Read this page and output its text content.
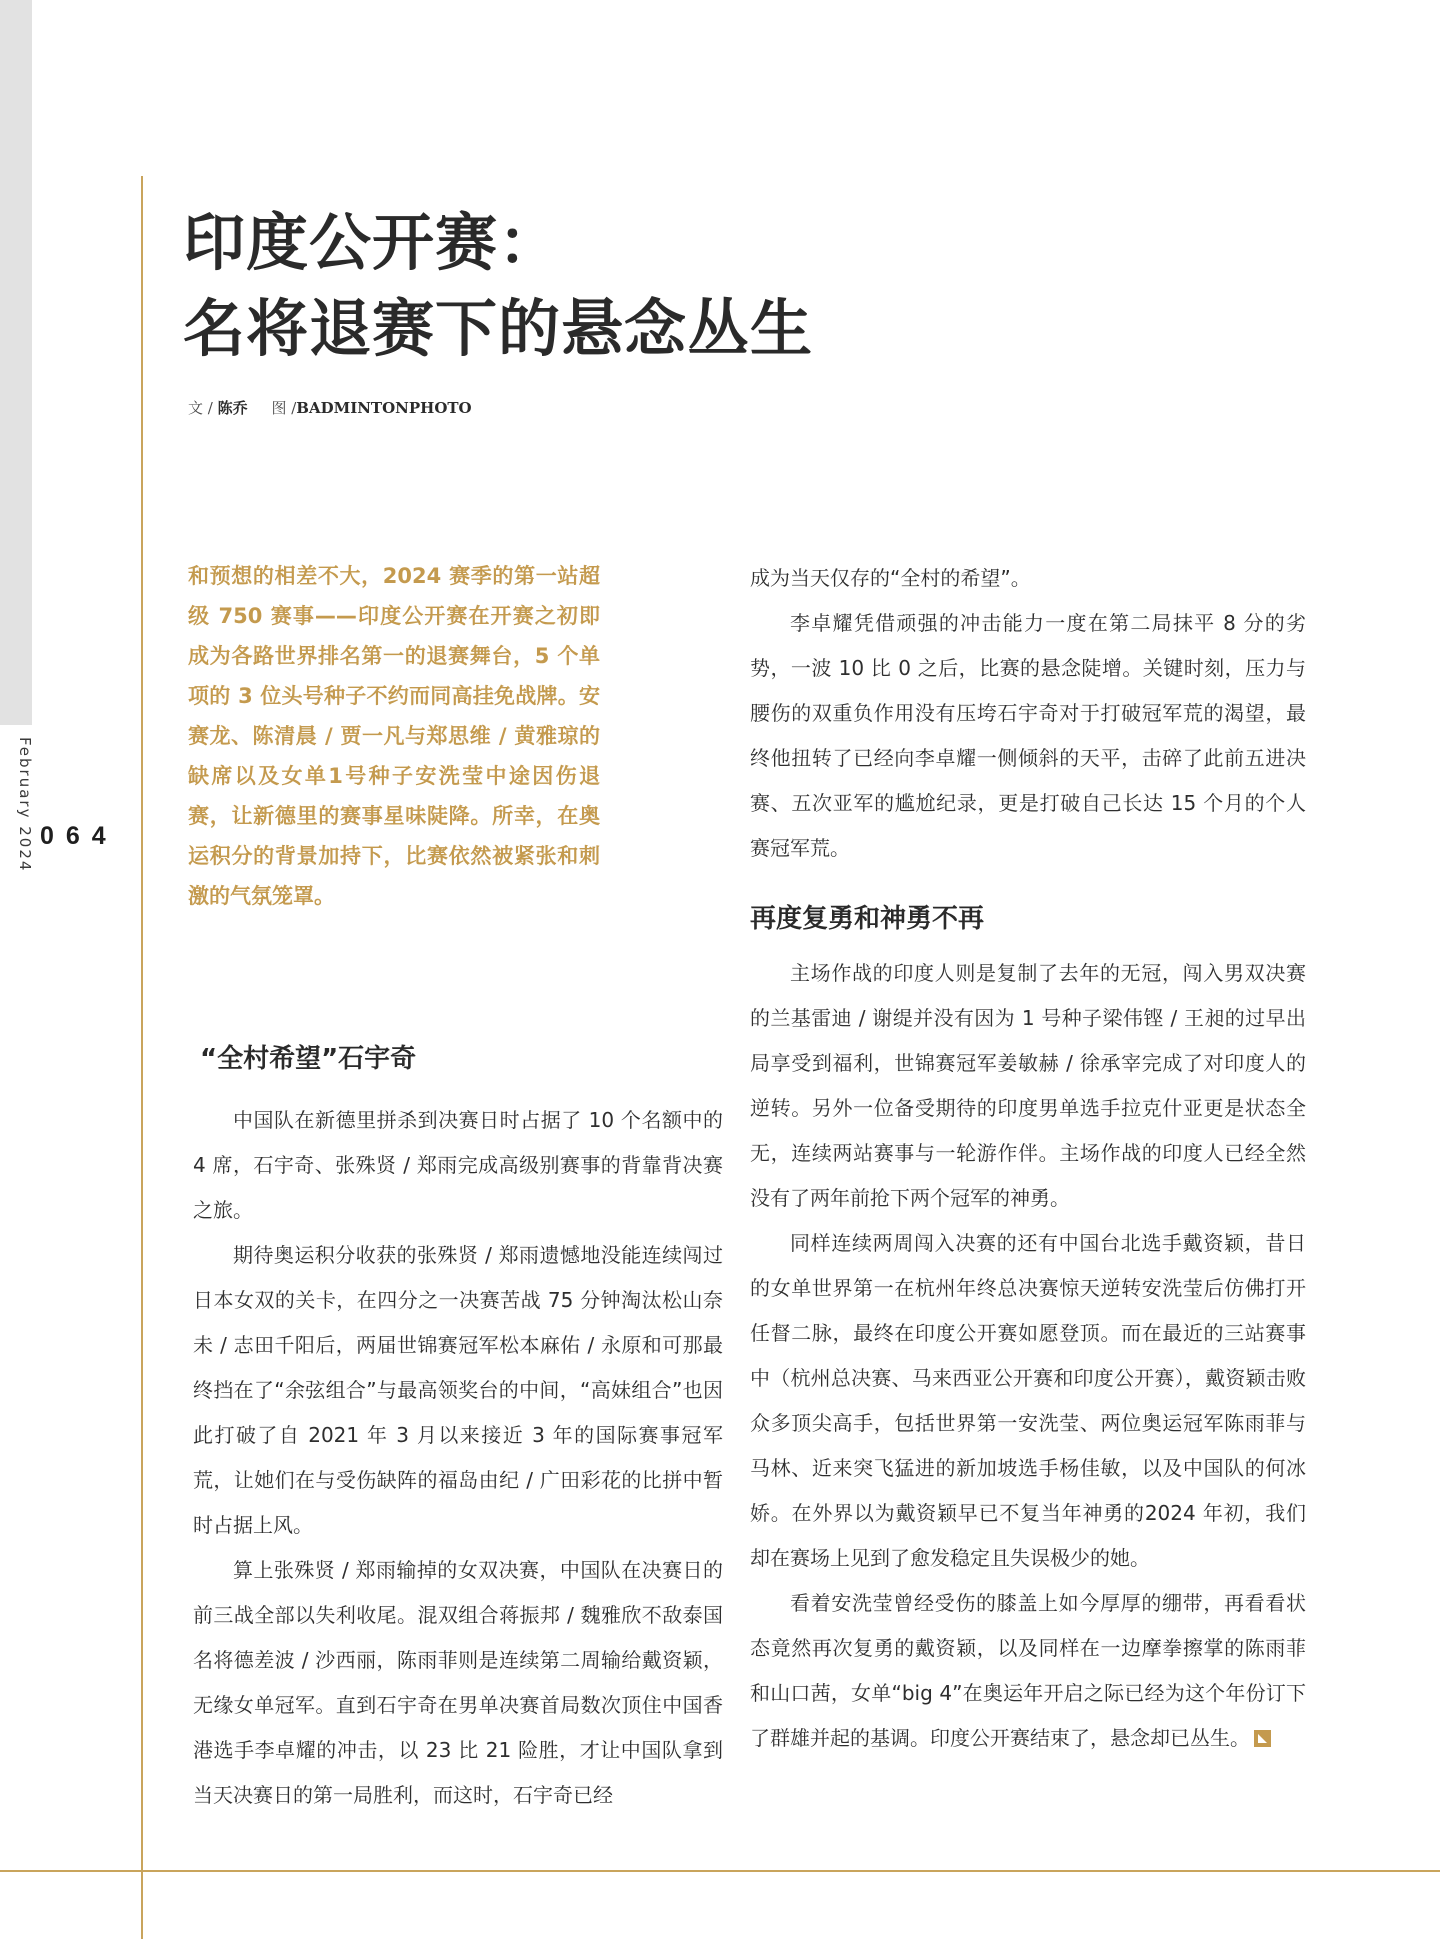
February 2024 064
印度公开赛：
名将退赛下的悬念丛生
文 / 陈乔 图 /BADMINTONPHOTO

和预想的相差不大，2024 赛季的第一站超级 750 赛事——印度公开赛在开赛之初即成为各路世界排名第一的退赛舞台，5 个单项的 3 位头号种子不约而同高挂免战牌。安赛龙、陈清晨 / 贾一凡与郑思维 / 黄雅琼的缺席以及女单1号种子安洗莹中途因伤退赛，让新德里的赛事星味陡降。所幸，在奥运积分的背景加持下，比赛依然被紧张和刺激的气氛笼罩。

“全村希望”石宇奇

中国队在新德里拼杀到决赛日时占据了 10 个名额中的 4 席，石宇奇、张殊贤 / 郑雨完成高级别赛事的背靠背决赛之旅。

期待奥运积分收获的张殊贤 / 郑雨遗憾地没能连续闯过日本女双的关卡，在四分之一决赛苦战 75 分钟淘汰松山奈未 / 志田千阳后，两届世锦赛冠军松本麻佑 / 永原和可那最终挡在了“余弦组合”与最高领奖台的中间，“高妹组合”也因此打破了自 2021 年 3 月以来接近 3 年的国际赛事冠军荒，让她们在与受伤缺阵的福岛由纪 / 广田彩花的比拼中暂时占据上风。

算上张殊贤 / 郑雨输掉的女双决赛，中国队在决赛日的前三战全部以失利收尾。混双组合蒋振邦 / 魏雅欣不敌泰国名将德差波 / 沙西丽，陈雨菲则是连续第二周输给戴资颖，无缘女单冠军。直到石宇奇在男单决赛首局数次顶住中国香港选手李卓耀的冲击，以 23 比 21 险胜，才让中国队拿到当天决赛日的第一局胜利，而这时，石宇奇已经

成为当天仅存的“全村的希望”。

李卓耀凭借顽强的冲击能力一度在第二局抹平 8 分的劣势，一波 10 比 0 之后，比赛的悬念陡增。关键时刻，压力与腰伤的双重负作用没有压垮石宇奇对于打破冠军荒的渴望，最终他扭转了已经向李卓耀一侧倾斜的天平，击碎了此前五进决赛、五次亚军的尴尬纪录，更是打破自己长达 15 个月的个人赛冠军荒。

再度复勇和神勇不再

主场作战的印度人则是复制了去年的无冠，闯入男双决赛的兰基雷迪 / 谢缇并没有因为 1 号种子梁伟铿 / 王昶的过早出局享受到福利，世锦赛冠军姜敏赫 / 徐承宰完成了对印度人的逆转。另外一位备受期待的印度男单选手拉克什亚更是状态全无，连续两站赛事与一轮游作伴。主场作战的印度人已经全然没有了两年前抢下两个冠军的神勇。

同样连续两周闯入决赛的还有中国台北选手戴资颖，昔日的女单世界第一在杭州年终总决赛惊天逆转安洗莹后仿佛打开任督二脉，最终在印度公开赛如愿登顶。而在最近的三站赛事中（杭州总决赛、马来西亚公开赛和印度公开赛），戴资颖击败众多顶尖高手，包括世界第一安洗莹、两位奥运冠军陈雨菲与马林、近来突飞猛进的新加坡选手杨佳敏，以及中国队的何冰娇。在外界以为戴资颖早已不复当年神勇的2024 年初，我们却在赛场上见到了愈发稳定且失误极少的她。

看着安洗莹曾经受伤的膝盖上如今厚厚的绷带，再看看状态竟然再次复勇的戴资颖，以及同样在一边摩拳擦掌的陈雨菲和山口茜，女单“big 4”在奥运年开启之际已经为这个年份订下了群雄并起的基调。印度公开赛结束了，悬念却已丛生。
